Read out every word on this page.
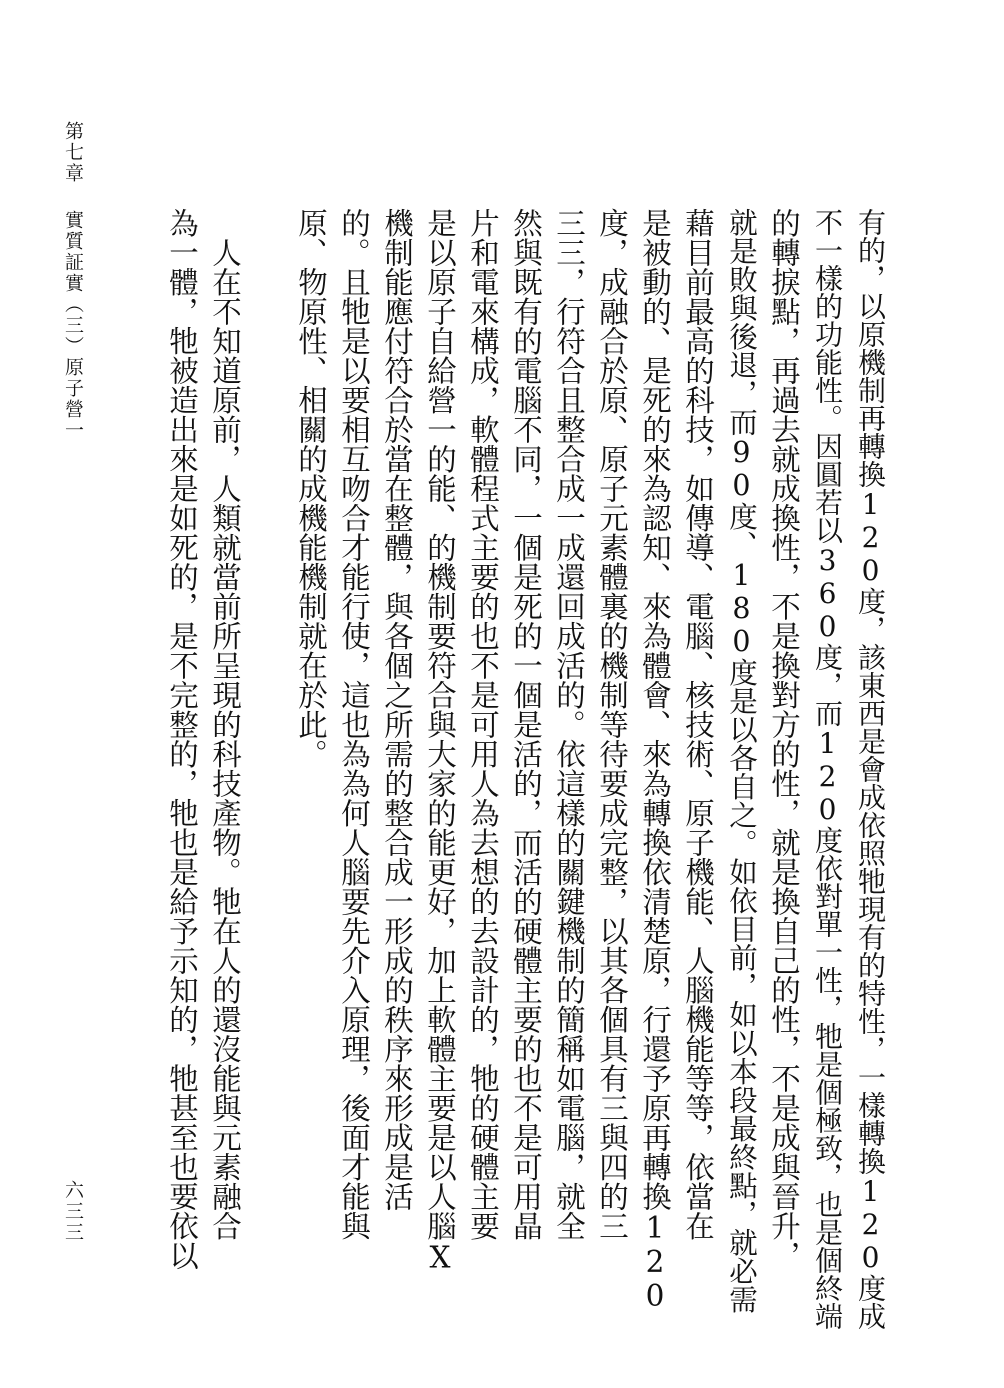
第七章
實質証實（三）原子營一
六三三	有的，以原機制再轉換120度，該東西是會成依照牠現有的特性，一樣轉換120度成

不一樣的功能性。因圓若以360度，而120度依對單一性，牠是個極致，也是個終端

的轉捩點，再過去就成換性，不是換對方的性，就是換自己的性，不是成與晉升，

就是敗與後退，而90度、180度是以各自之。如依目前，如以本段最終點，就必需

藉目前最高的科技，如傳導、電腦、核技術、原子機能、人腦機能等等，依當在

是被動的、是死的來為認知、來為體會、來為轉換依清楚原，行還予原再轉換120

度，成融合於原、原子元素體裏的機制等待要成完整，以其各個具有三與四的三

三三，行符合且整合成一成還回成活的。依這樣的關鍵機制的簡稱如電腦，就全

然與既有的電腦不同，一個是死的一個是活的，而活的硬體主要的也不是可用晶

片和電來構成，軟體程式主要的也不是可用人為去想的去設計的，牠的硬體主要

是以原子自給營一的能、的機制要符合與大家的能更好，加上軟體主要是以人腦X

機制能應付符合於當在整體，與各個之所需的整合成一形成的秩序來形成是活

的。且牠是以要相互吻合才能行使，這也為為何人腦要先介入原理，後面才能與

原、物原性、相關的成機能機制就在於此。

　人在不知道原前，人類就當前所呈現的科技產物。牠在人的還沒能與元素融合

為一體，牠被造出來是如死的，是不完整的，牠也是給予示知的，牠甚至也要依以
